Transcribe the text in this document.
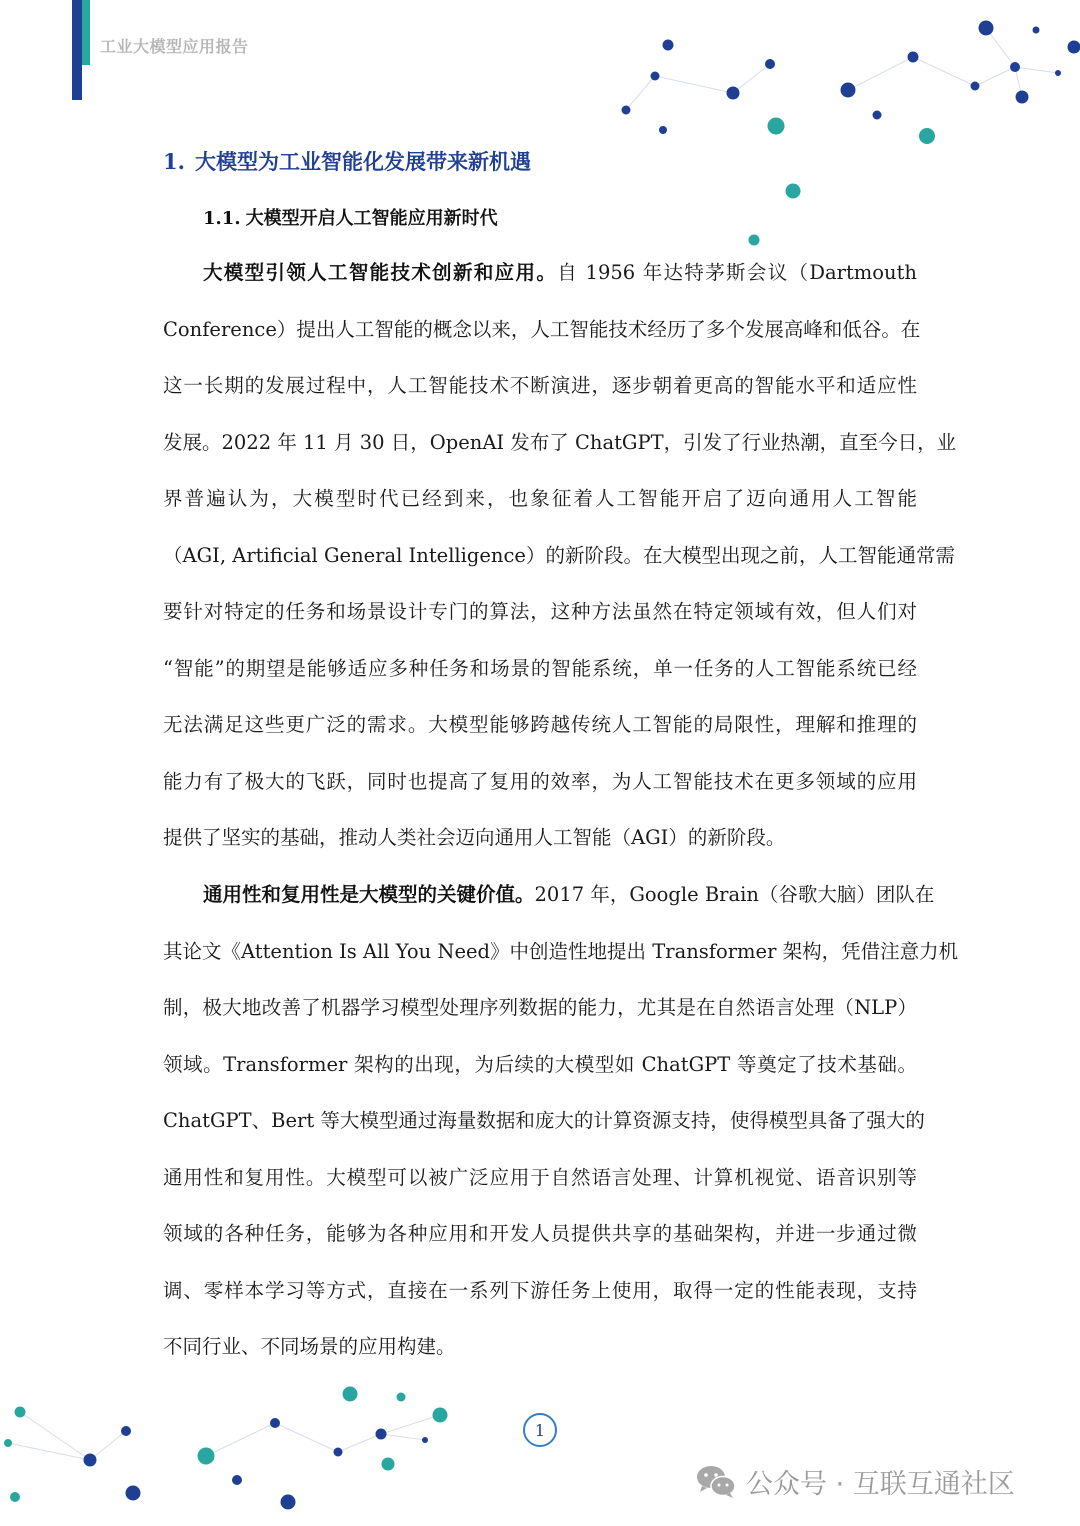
工业大模型应用报告
1. 大模型为工业智能化发展带来新机遇
1.1. 大模型开启人工智能应用新时代
大模型引领人工智能技术创新和应用。自 1956 年达特茅斯会议（Dartmouth
Conference）提出人工智能的概念以来，人工智能技术经历了多个发展高峰和低谷。在
这一长期的发展过程中，人工智能技术不断演进，逐步朝着更高的智能水平和适应性
发展。2022 年 11 月 30 日，OpenAI 发布了 ChatGPT，引发了行业热潮，直至今日，业
界普遍认为，大模型时代已经到来，也象征着人工智能开启了迈向通用人工智能
（AGI, Artificial General Intelligence）的新阶段。在大模型出现之前，人工智能通常需
要针对特定的任务和场景设计专门的算法，这种方法虽然在特定领域有效，但人们对
“智能”的期望是能够适应多种任务和场景的智能系统，单一任务的人工智能系统已经
无法满足这些更广泛的需求。大模型能够跨越传统人工智能的局限性，理解和推理的
能力有了极大的飞跃，同时也提高了复用的效率，为人工智能技术在更多领域的应用
提供了坚实的基础，推动人类社会迈向通用人工智能（AGI）的新阶段。
通用性和复用性是大模型的关键价值。2017 年，Google Brain（谷歌大脑）团队在
其论文《Attention Is All You Need》中创造性地提出 Transformer 架构，凭借注意力机
制，极大地改善了机器学习模型处理序列数据的能力，尤其是在自然语言处理（NLP）
领域。Transformer 架构的出现，为后续的大模型如 ChatGPT 等奠定了技术基础。
ChatGPT、Bert 等大模型通过海量数据和庞大的计算资源支持，使得模型具备了强大的
通用性和复用性。大模型可以被广泛应用于自然语言处理、计算机视觉、语音识别等
领域的各种任务，能够为各种应用和开发人员提供共享的基础架构，并进一步通过微
调、零样本学习等方式，直接在一系列下游任务上使用，取得一定的性能表现，支持
不同行业、不同场景的应用构建。
1
公众号 · 互联互通社区
